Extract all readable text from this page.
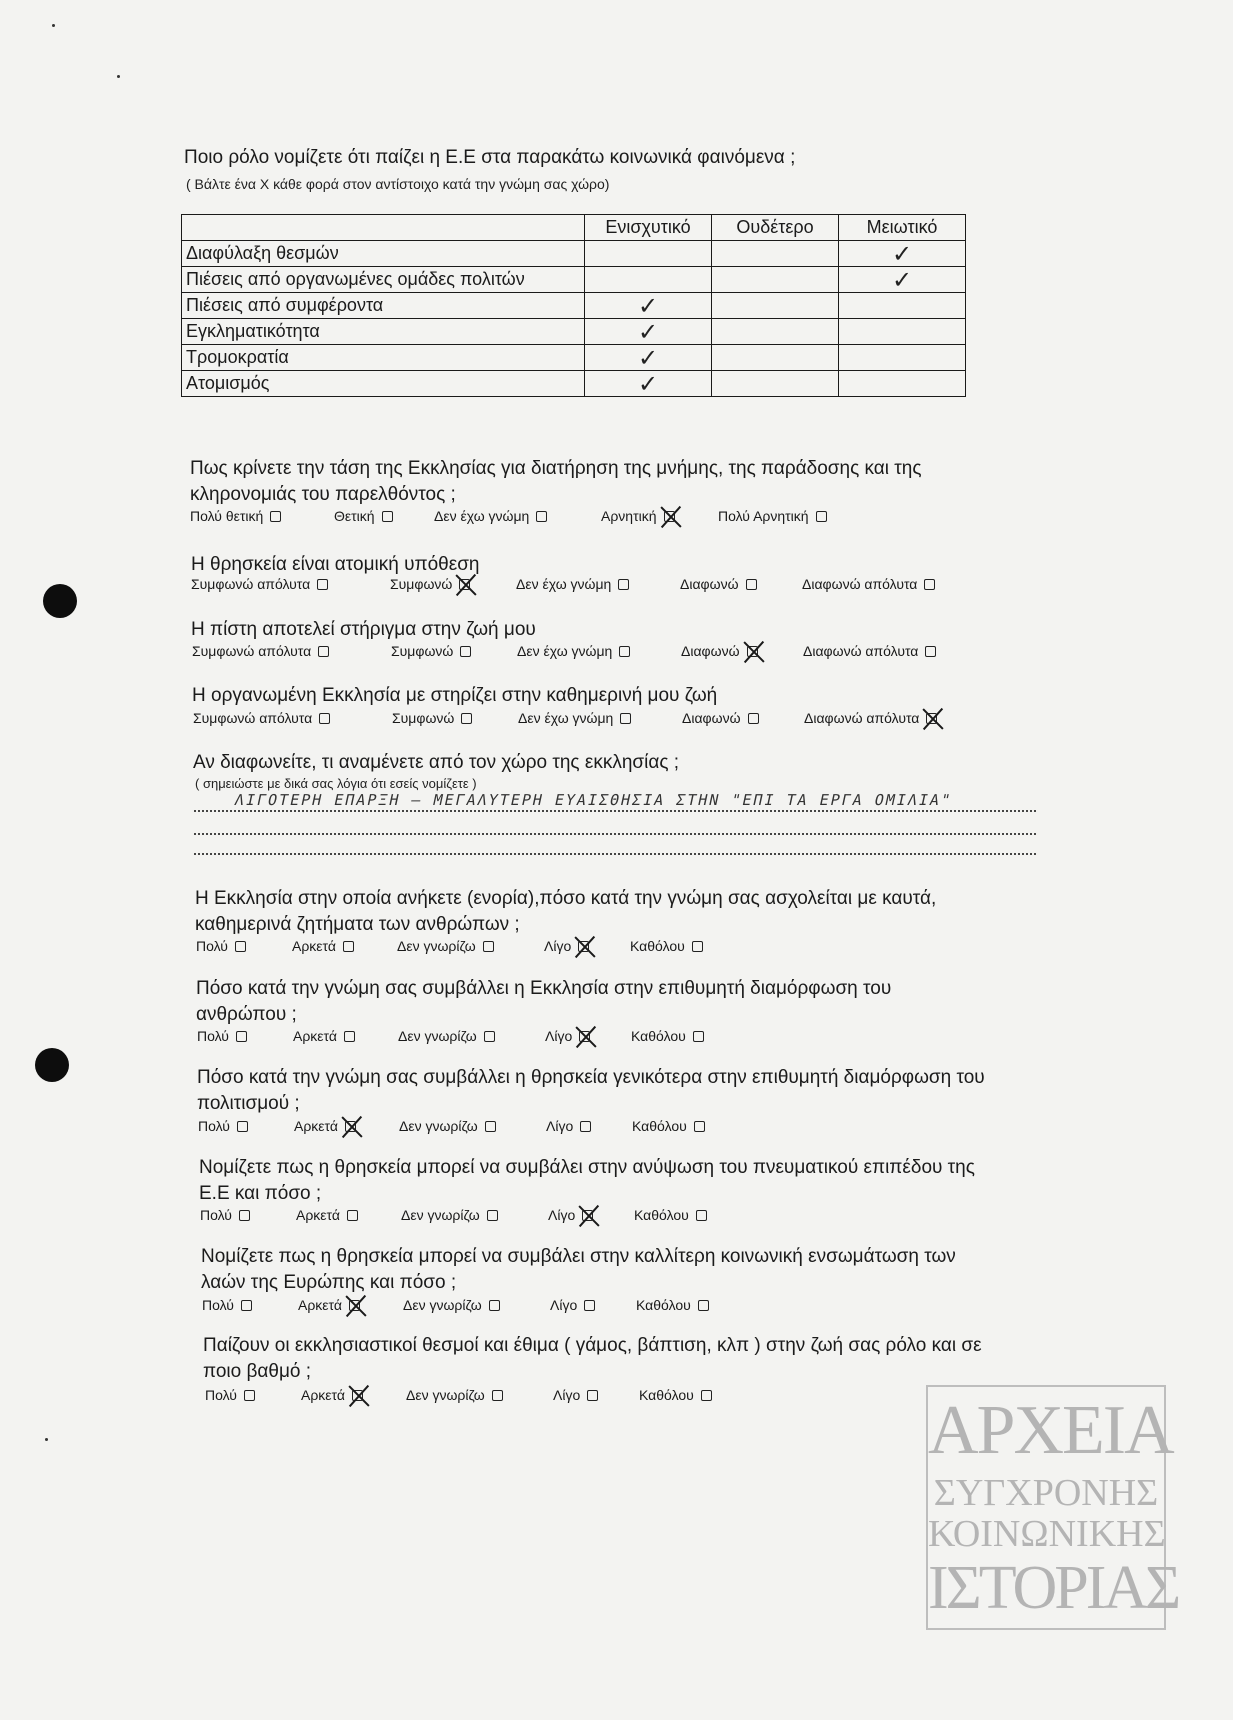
Ποιο ρόλο νομίζετε ότι παίζει η Ε.Ε στα παρακάτω κοινωνικά φαινόμενα ;
( Βάλτε ένα Χ κάθε φορά στον αντίστοιχο κατά την γνώμη σας χώρο)
	Ενισχυτικό	Ουδέτερο	Μειωτικό
Διαφύλαξη θεσμών			✓

Πιέσεις από οργανωμένες ομάδες πολιτών			✓

Πιέσεις από συμφέροντα	✓		

Εγκληματικότητα	✓		

Τρομοκρατία	✓		

Ατομισμός	✓		

Πως κρίνετε την τάση της Εκκλησίας για διατήρηση της μνήμης, της παράδοσης και της
κληρονομιάς του παρελθόντος ;
Πολύ θετική	Θετική	Δεν έχω γνώμη	Αρνητική	Πολύ Αρνητική
Η θρησκεία είναι ατομική υπόθεση
Συμφωνώ απόλυτα	Συμφωνώ	Δεν έχω γνώμη	Διαφωνώ	Διαφωνώ απόλυτα
Η πίστη αποτελεί στήριγμα στην ζωή μου
Συμφωνώ απόλυτα	Συμφωνώ	Δεν έχω γνώμη	Διαφωνώ	Διαφωνώ απόλυτα
Η οργανωμένη Εκκλησία με στηρίζει στην καθημερινή μου ζωή
Συμφωνώ απόλυτα	Συμφωνώ	Δεν έχω γνώμη	Διαφωνώ	Διαφωνώ απόλυτα
Αν διαφωνείτε, τι αναμένετε από τον χώρο της εκκλησίας ;
( σημειώστε με δικά σας λόγια ότι εσείς νομίζετε )
ΛΙΓΟΤΕΡΗ ΕΠΑΡΞΗ — ΜΕΓΑΛΥΤΕΡΗ ΕΥΑΙΣΘΗΣΙΑ ΣΤΗΝ "ΕΠΙ ΤΑ ΕΡΓΑ ΟΜΙΛΙΑ"
Η Εκκλησία στην οποία ανήκετε (ενορία),πόσο κατά την γνώμη σας ασχολείται με καυτά,
καθημερινά ζητήματα των ανθρώπων ;
Πολύ	Αρκετά	Δεν γνωρίζω	Λίγο	Καθόλου
Πόσο κατά την γνώμη σας συμβάλλει η Εκκλησία στην επιθυμητή διαμόρφωση του
ανθρώπου ;
Πολύ	Αρκετά	Δεν γνωρίζω	Λίγο	Καθόλου
Πόσο κατά την γνώμη σας συμβάλλει η θρησκεία γενικότερα στην επιθυμητή διαμόρφωση του
πολιτισμού ;
Πολύ	Αρκετά	Δεν γνωρίζω	Λίγο	Καθόλου
Νομίζετε πως η θρησκεία μπορεί να συμβάλει στην ανύψωση του πνευματικού επιπέδου της
Ε.Ε και πόσο ;
Πολύ	Αρκετά	Δεν γνωρίζω	Λίγο	Καθόλου
Νομίζετε πως η θρησκεία μπορεί να συμβάλει στην καλλίτερη κοινωνική ενσωμάτωση των
λαών της Ευρώπης και πόσο ;
Πολύ	Αρκετά	Δεν γνωρίζω	Λίγο	Καθόλου
Παίζουν οι εκκλησιαστικοί θεσμοί και έθιμα ( γάμος, βάπτιση, κλπ ) στην ζωή σας ρόλο και σε
ποιο βαθμό ;
Πολύ	Αρκετά	Δεν γνωρίζω	Λίγο	Καθόλου	ΑΡΧΕΙΑ
ΣΥΓΧΡΟΝΗΣ
ΚΟΙΝΩΝΙΚΗΣ
ΙΣΤΟΡΙΑΣ
